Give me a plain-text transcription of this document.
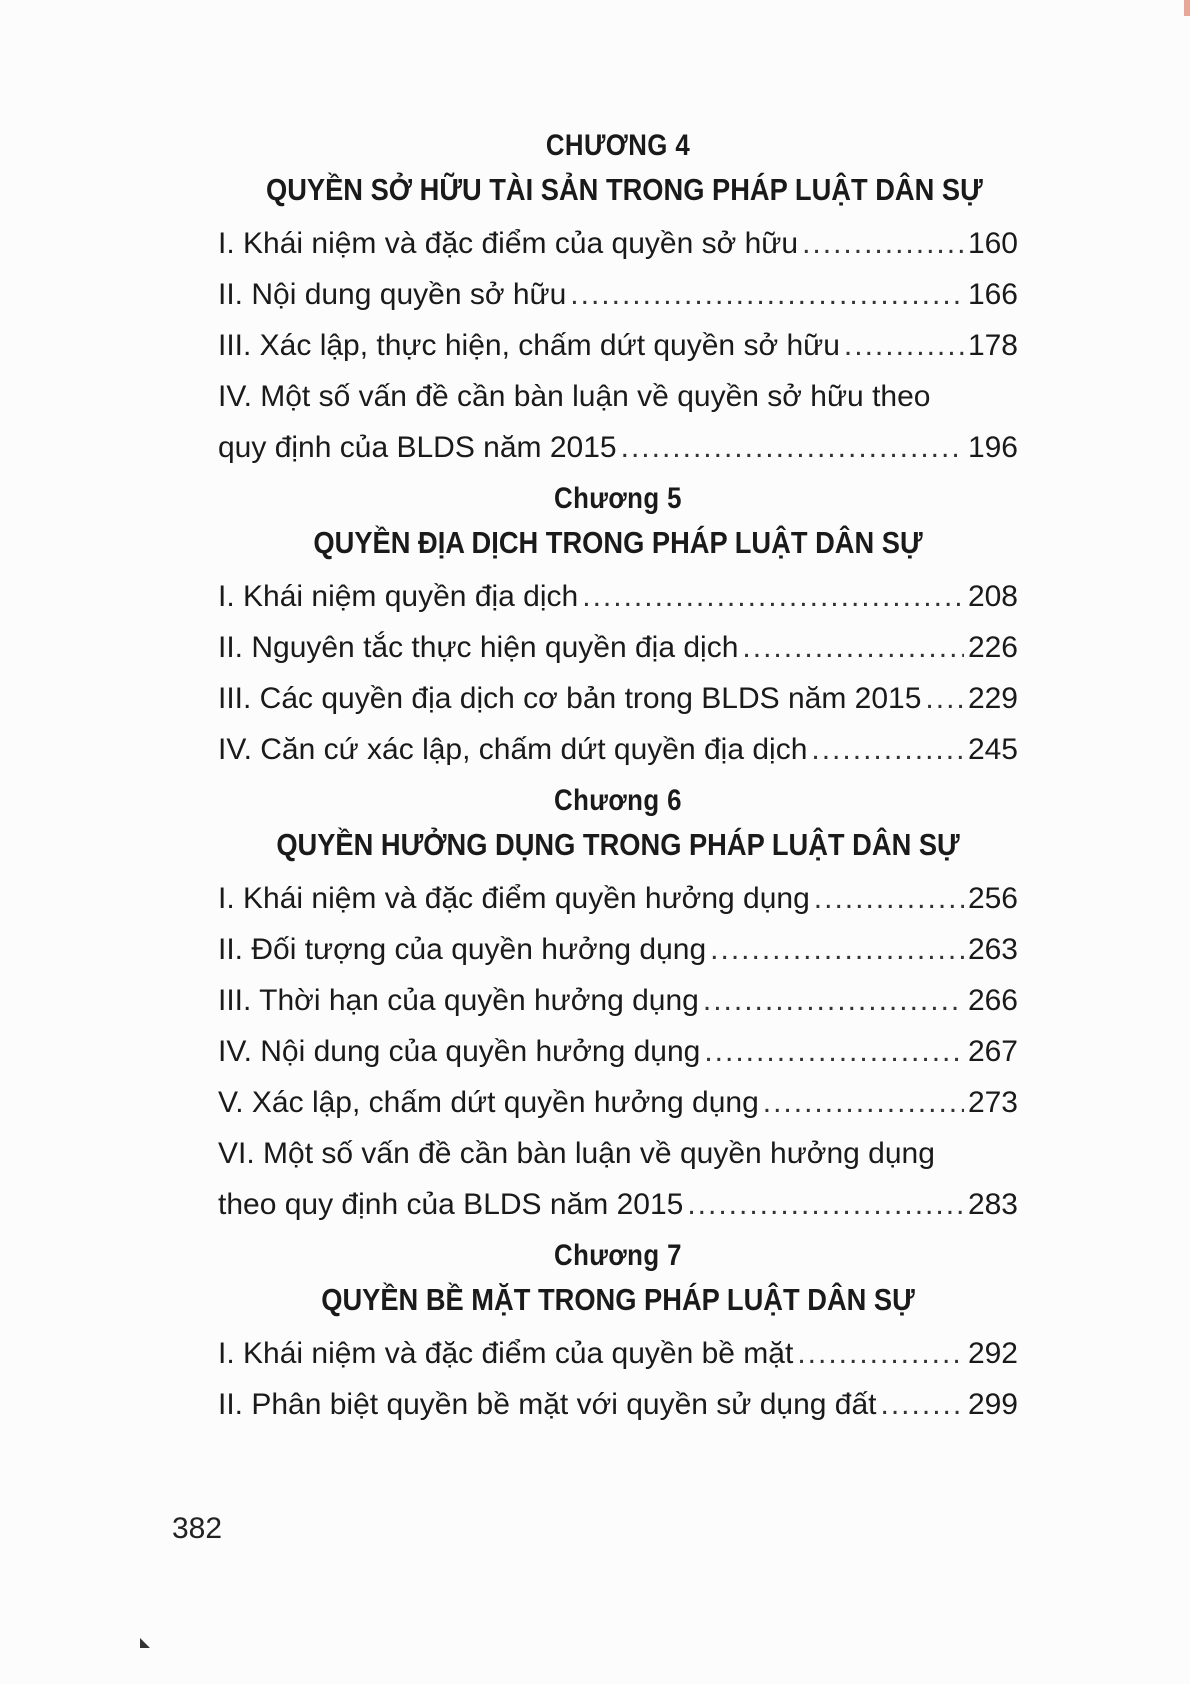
CHƯƠNG 4
QUYỀN SỞ HỮU TÀI SẢN TRONG PHÁP LUẬT DÂN SỰ
I. Khái niệm và đặc điểm của quyền sở hữu .....	160
II. Nội dung quyền sở hữu .....	166
III. Xác lập, thực hiện, chấm dứt quyền sở hữu .....	178
IV. Một số vấn đề cần bàn luận về quyền sở hữu theo
quy định của BLDS năm 2015 .....	196
Chương 5
QUYỀN ĐỊA DỊCH TRONG PHÁP LUẬT DÂN SỰ
I. Khái niệm quyền địa dịch .....	208
II. Nguyên tắc thực hiện quyền địa dịch .....	226
III. Các quyền địa dịch cơ bản trong BLDS năm 2015 ..... 229
IV. Căn cứ xác lập, chấm dứt quyền địa dịch .....	245
Chương 6
QUYỀN HƯỞNG DỤNG TRONG PHÁP LUẬT DÂN SỰ
I. Khái niệm và đặc điểm quyền hưởng dụng .....	256
II. Đối tượng của quyền hưởng dụng .....	263
III. Thời hạn của quyền hưởng dụng .....	266
IV. Nội dung của quyền hưởng dụng .....	267
V. Xác lập, chấm dứt quyền hưởng dụng .....	273
VI. Một số vấn đề cần bàn luận về quyền hưởng dụng
theo quy định của BLDS năm 2015 .....	283
Chương 7
QUYỀN BỀ MẶT TRONG PHÁP LUẬT DÂN SỰ
I. Khái niệm và đặc điểm của quyền bề mặt .....	292
II. Phân biệt quyền bề mặt với quyền sử dụng đất .....	299
382
